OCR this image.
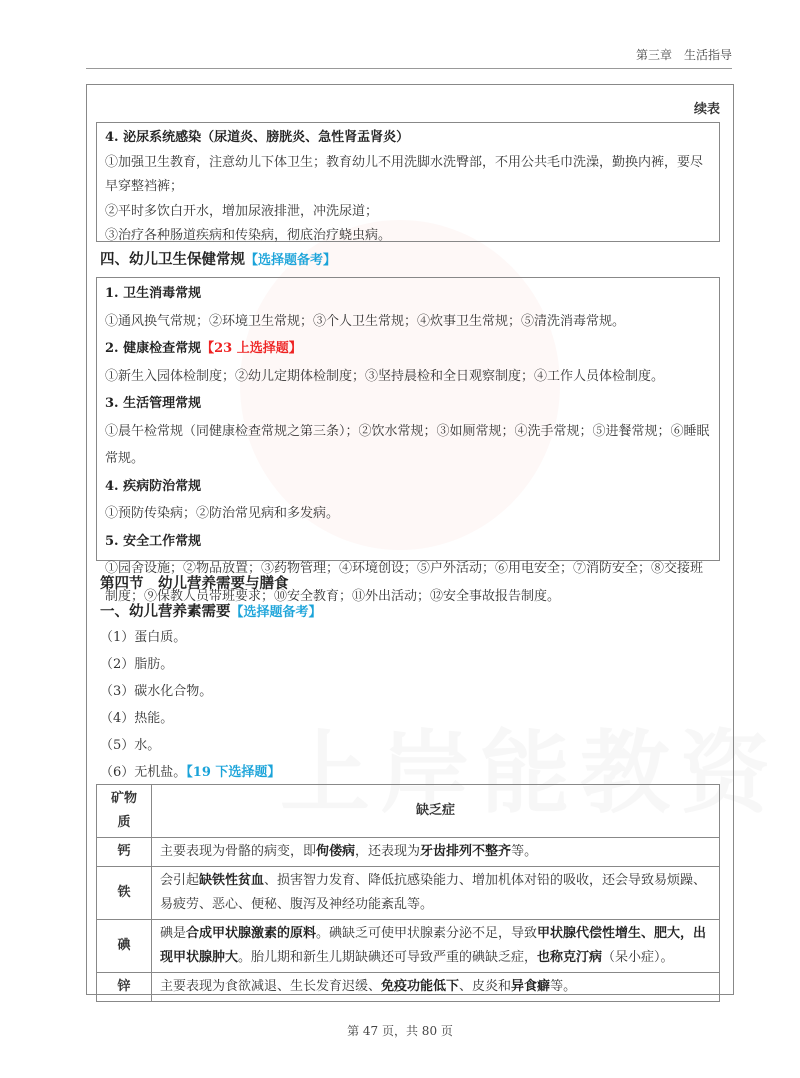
第三章　生活指导
续表
4. 泌尿系统感染（尿道炎、膀胱炎、急性肾盂肾炎）
①加强卫生教育，注意幼儿下体卫生；教育幼儿不用洗脚水洗臀部，不用公共毛巾洗澡，勤换内裤，要尽早穿整裆裤；
②平时多饮白开水，增加尿液排泄，冲洗尿道；
③治疗各种肠道疾病和传染病，彻底治疗蛲虫病。
四、幼儿卫生保健常规【选择题备考】
1. 卫生消毒常规
①通风换气常规；②环境卫生常规；③个人卫生常规；④炊事卫生常规；⑤清洗消毒常规。
2. 健康检查常规【23 上选择题】
①新生入园体检制度；②幼儿定期体检制度；③坚持晨检和全日观察制度；④工作人员体检制度。
3. 生活管理常规
①晨午检常规（同健康检查常规之第三条）；②饮水常规；③如厕常规；④洗手常规；⑤进餐常规；⑥睡眠常规。
4. 疾病防治常规
①预防传染病；②防治常见病和多发病。
5. 安全工作常规
①园舍设施；②物品放置；③药物管理；④环境创设；⑤户外活动；⑥用电安全；⑦消防安全；⑧交接班制度；⑨保教人员带班要求；⑩安全教育；⑪外出活动；⑫安全事故报告制度。
第四节　幼儿营养需要与膳食
一、幼儿营养素需要【选择题备考】
（1）蛋白质。
（2）脂肪。
（3）碳水化合物。
（4）热能。
（5）水。
（6）无机盐。【19 下选择题】
矿物质	缺乏症
钙	主要表现为骨骼的病变，即佝偻病，还表现为牙齿排列不整齐等。
铁	会引起缺铁性贫血、损害智力发育、降低抗感染能力、增加机体对铅的吸收，还会导致易烦躁、易疲劳、恶心、便秘、腹泻及神经功能紊乱等。
碘	碘是合成甲状腺激素的原料。碘缺乏可使甲状腺素分泌不足，导致甲状腺代偿性增生、肥大，出现甲状腺肿大。胎儿期和新生儿期缺碘还可导致严重的碘缺乏症，也称克汀病（呆小症）。
锌	主要表现为食欲减退、生长发育迟缓、免疫功能低下、皮炎和异食癖等。
第 47 页，共 80 页
